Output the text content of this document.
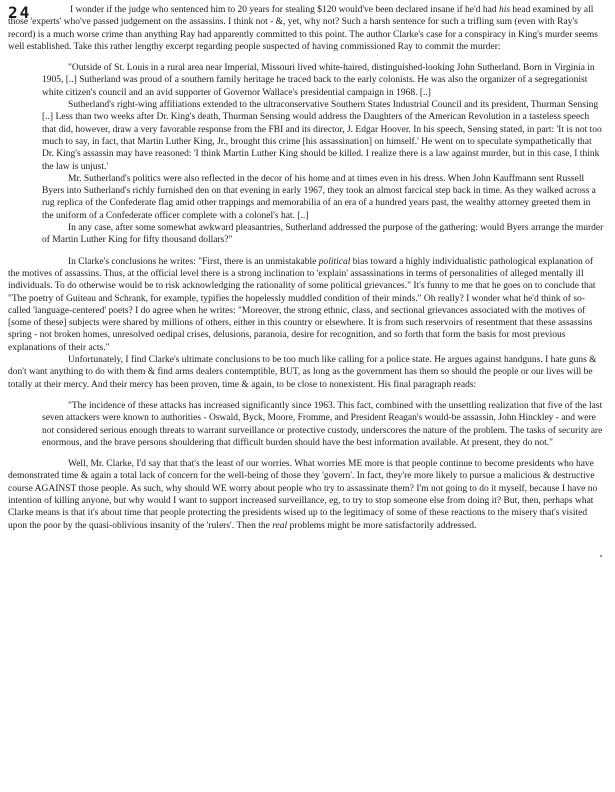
24	I wonder if the judge who sentenced him to 20 years for stealing $120 would've been declared insane if he'd had his head examined by all those 'experts' who've passed judgement on the assassins. I think not - &, yet, why not? Such a harsh sentence for such a trifling sum (even with Ray's record) is a much worse crime than anything Ray had apparently committed to this point. The author Clarke's case for a conspiracy in King's murder seems well established. Take this rather lengthy excerpt regarding people suspected of having commissioned Ray to commit the murder:

"Outside of St. Louis in a rural area near Imperial, Missouri lived white-haired, distinguished-looking John Sutherland. Born in Virginia in 1905, [..] Sutherland was proud of a southern family heritage he traced back to the early colonists. He was also the organizer of a segregationist white citizen's council and an avid supporter of Governor Wallace's presidential campaign in 1968. [..]

Sutherland's right-wing affiliations extended to the ultraconservative Southern States Industrial Council and its president, Thurman Sensing [..] Less than two weeks after Dr. King's death, Thurman Sensing would address the Daughters of the American Revolution in a tasteless speech that did, however, draw a very favorable response from the FBI and its director, J. Edgar Hoover. In his speech, Sensing stated, in part: 'It is not too much to say, in fact, that Martin Luther King, Jr., brought this crime [his assassination] on himself.' He went on to speculate sympathetically that Dr. King's assassin may have reasoned: 'I think Martin Luther King should be killed. I realize there is a law against murder, but in this case, I think the law is unjust.'

Mr. Sutherland's politics were also reflected in the decor of his home and at times even in his dress. When John Kauffmann sent Russell Byers into Sutherland's richly furnished den on that evening in early 1967, they took an almost farcical step back in time. As they walked across a rug replica of the Confederate flag amid other trappings and memorabilia of an era of a hundred years past, the wealthy attorney greeted them in the uniform of a Confederate officer complete with a colonel's hat. [..]

In any case, after some somewhat awkward pleasantries, Sutherland addressed the purpose of the gathering: would Byers arrange the murder of Martin Luther King for fifty thousand dollars?"

In Clarke's conclusions he writes: "First, there is an unmistakable political bias toward a highly individualistic pathological explanation of the motives of assassins. Thus, at the official level there is a strong inclination to 'explain' assassinations in terms of personalities of alleged mentally ill individuals. To do otherwise would be to risk acknowledging the rationality of some political grievances." It's funny to me that he goes on to conclude that "The poetry of Guiteau and Schrank, for example, typifies the hopelessly muddled condition of their minds." Oh really? I wonder what he'd think of so-called 'language-centered' poets? I do agree when he writes: "Moreover, the strong ethnic, class, and sectional grievances associated with the motives of [some of these] subjects were shared by millions of others, either in this country or elsewhere. It is from such reservoirs of resentment that these assassins spring - not broken homes, unresolved oedipal crises, delusions, paranoia, desire for recognition, and so forth that form the basis for most previous explanations of their acts."

Unfortunately, I find Clarke's ultimate conclusions to be too much like calling for a police state. He argues against handguns. I hate guns & don't want anything to do with them & find arms dealers contemptible, BUT, as long as the government has them so should the people or our lives will be totally at their mercy. And their mercy has been proven, time & again, to be close to nonexistent. His final paragraph reads:

"The incidence of these attacks has increased significantly since 1963. This fact, combined with the unsettling realization that five of the last seven attackers were known to authorities - Oswald, Byck, Moore, Fromme, and President Reagan's would-be assassin, John Hinckley - and were not considered serious enough threats to warrant surveillance or protective custody, underscores the nature of the problem. The tasks of security are enormous, and the brave persons shouldering that difficult burden should have the best information available. At present, they do not."

Well, Mr. Clarke, I'd say that that's the least of our worries. What worries ME more is that people continue to become presidents who have demonstrated time & again a total lack of concern for the well-being of those they 'govern'. In fact, they're more likely to pursue a malicious & destructive course AGAINST those people. As such, why should WE worry about people who try to assassinate them? I'm not going to do it myself, because I have no intention of killing anyone, but why would I want to support increased surveillance, eg, to try to stop someone else from doing it? But, then, perhaps what Clarke means is that it's about time that people protecting the presidents wised up to the legitimacy of some of these reactions to the misery that's visited upon the poor by the quasi-oblivious insanity of the 'rulers'. Then the real problems might be more satisfactorily addressed.
